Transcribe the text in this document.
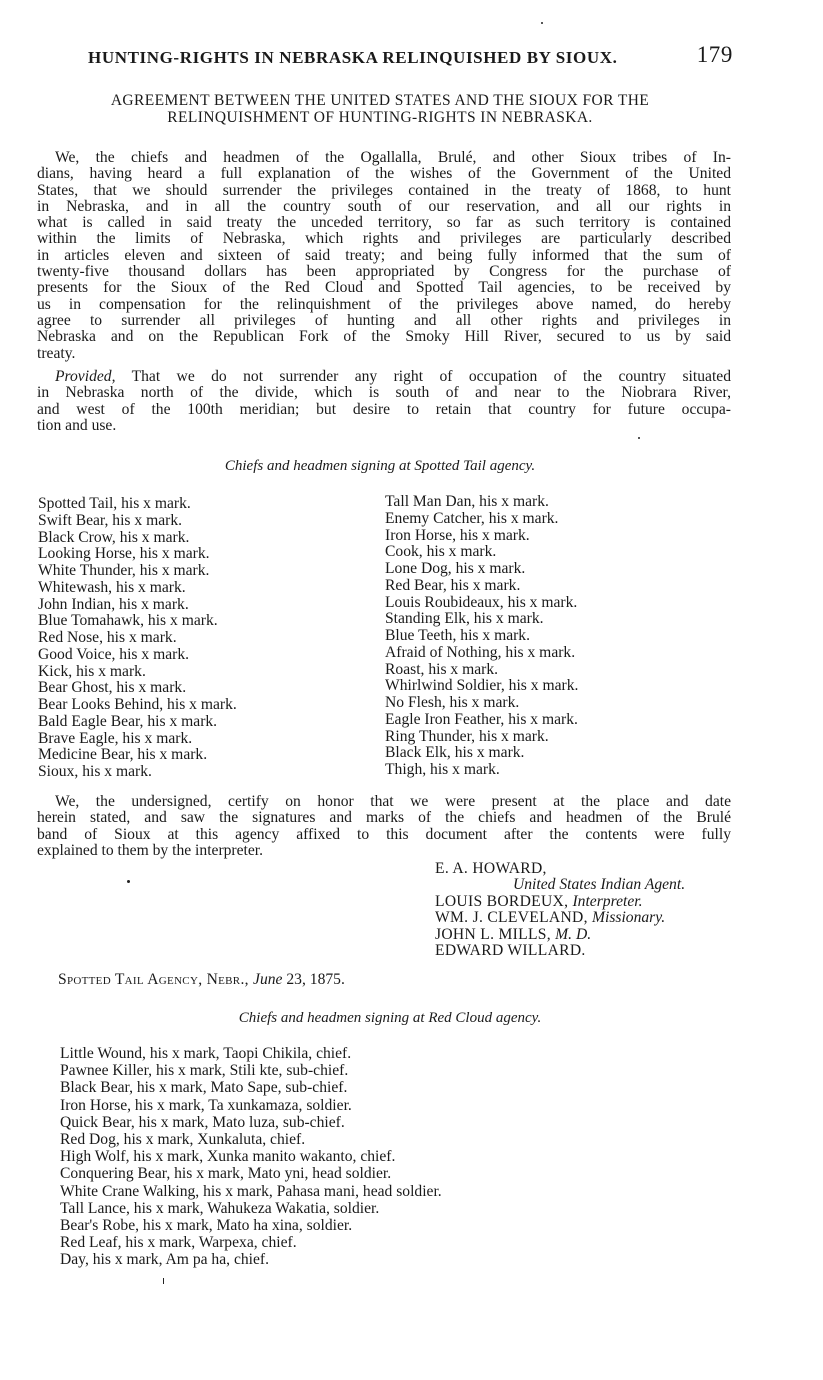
HUNTING-RIGHTS IN NEBRASKA RELINQUISHED BY SIOUX.	179
AGREEMENT BETWEEN THE UNITED STATES AND THE SIOUX FOR THE
RELINQUISHMENT OF HUNTING-RIGHTS IN NEBRASKA.

We, the chiefs and headmen of the Ogallalla, Brulé, and other Sioux tribes of In-
dians, having heard a full explanation of the wishes of the Government of the United
States, that we should surrender the privileges contained in the treaty of 1868, to hunt
in Nebraska, and in all the country south of our reservation, and all our rights in
what is called in said treaty the unceded territory, so far as such territory is contained
within the limits of Nebraska, which rights and privileges are particularly described
in articles eleven and sixteen of said treaty; and being fully informed that the sum of
twenty-five thousand dollars has been appropriated by Congress for the purchase of
presents for the Sioux of the Red Cloud and Spotted Tail agencies, to be received by
us in compensation for the relinquishment of the privileges above named, do hereby
agree to surrender all privileges of hunting and all other rights and privileges in
Nebraska and on the Republican Fork of the Smoky Hill River, secured to us by said
treaty.

Provided, That we do not surrender any right of occupation of the country situated
in Nebraska north of the divide, which is south of and near to the Niobrara River,
and west of the 100th meridian; but desire to retain that country for future occupa-
tion and use.

Chiefs and headmen signing at Spotted Tail agency.

Spotted Tail, his x mark.
Swift Bear, his x mark.
Black Crow, his x mark.
Looking Horse, his x mark.
White Thunder, his x mark.
Whitewash, his x mark.
John Indian, his x mark.
Blue Tomahawk, his x mark.
Red Nose, his x mark.
Good Voice, his x mark.
Kick, his x mark.
Bear Ghost, his x mark.
Bear Looks Behind, his x mark.
Bald Eagle Bear, his x mark.
Brave Eagle, his x mark.
Medicine Bear, his x mark.
Sioux, his x mark.
Tall Man Dan, his x mark.
Enemy Catcher, his x mark.
Iron Horse, his x mark.
Cook, his x mark.
Lone Dog, his x mark.
Red Bear, his x mark.
Louis Roubideaux, his x mark.
Standing Elk, his x mark.
Blue Teeth, his x mark.
Afraid of Nothing, his x mark.
Roast, his x mark.
Whirlwind Soldier, his x mark.
No Flesh, his x mark.
Eagle Iron Feather, his x mark.
Ring Thunder, his x mark.
Black Elk, his x mark.
Thigh, his x mark.

We, the undersigned, certify on honor that we were present at the place and date
herein stated, and saw the signatures and marks of the chiefs and headmen of the Brulé
band of Sioux at this agency affixed to this document after the contents were fully
explained to them by the interpreter.

E. A. HOWARD,
United States Indian Agent.
LOUIS BORDEUX, Interpreter.
WM. J. CLEVELAND, Missionary.
JOHN L. MILLS, M. D.
EDWARD WILLARD.
Spotted Tail Agency, Nebr., June 23, 1875.

Chiefs and headmen signing at Red Cloud agency.

Little Wound, his x mark, Taopi Chikila, chief.
Pawnee Killer, his x mark, Stili kte, sub-chief.
Black Bear, his x mark, Mato Sape, sub-chief.
Iron Horse, his x mark, Ta xunkamaza, soldier.
Quick Bear, his x mark, Mato luza, sub-chief.
Red Dog, his x mark, Xunkaluta, chief.
High Wolf, his x mark, Xunka manito wakanto, chief.
Conquering Bear, his x mark, Mato yni, head soldier.
White Crane Walking, his x mark, Pahasa mani, head soldier.
Tall Lance, his x mark, Wahukeza Wakatia, soldier.
Bear's Robe, his x mark, Mato ha xina, soldier.
Red Leaf, his x mark, Warpexa, chief.
Day, his x mark, Am pa ha, chief.
